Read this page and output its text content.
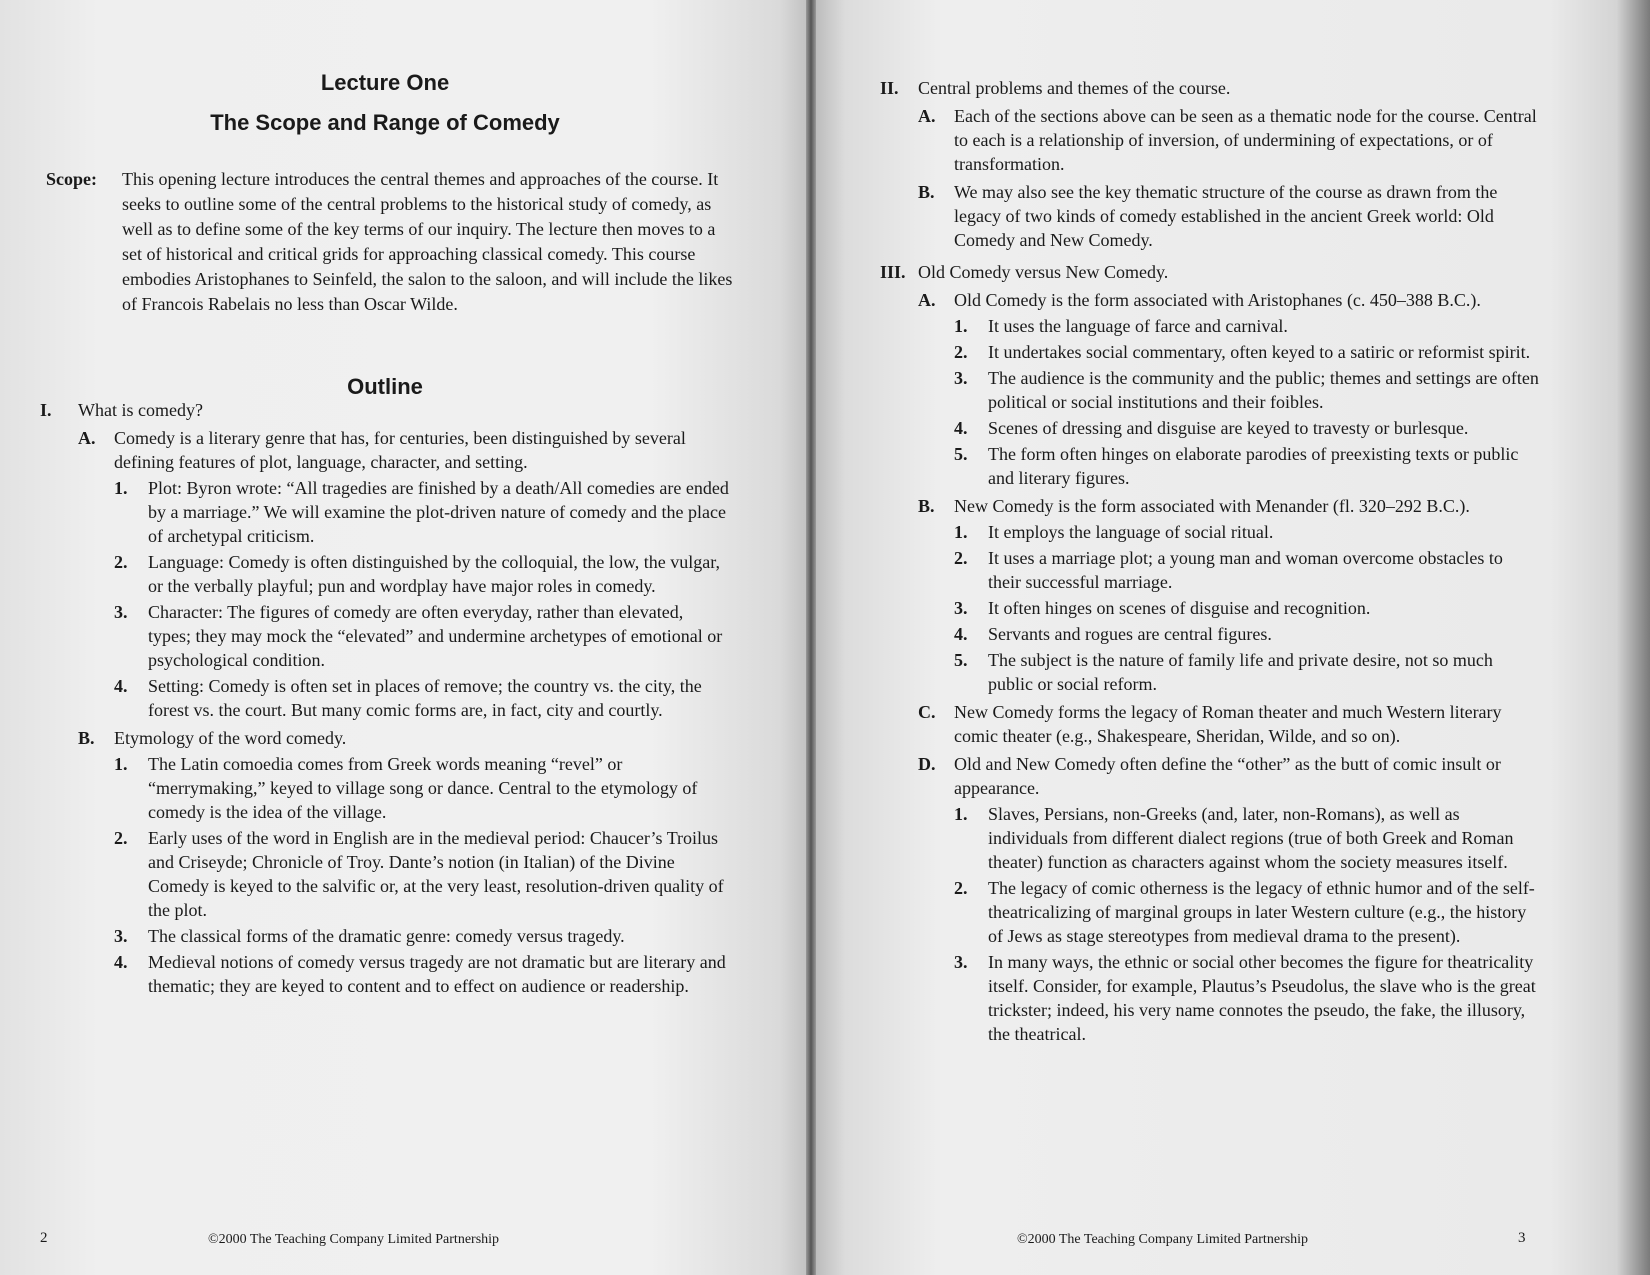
Lecture One
The Scope and Range of Comedy
Scope: This opening lecture introduces the central themes and approaches of the course. It seeks to outline some of the central problems to the historical study of comedy, as well as to define some of the key terms of our inquiry. The lecture then moves to a set of historical and critical grids for approaching classical comedy. This course embodies Aristophanes to Seinfeld, the salon to the saloon, and will include the likes of Francois Rabelais no less than Oscar Wilde.
Outline
I. What is comedy?
A. Comedy is a literary genre that has, for centuries, been distinguished by several defining features of plot, language, character, and setting.
1. Plot: Byron wrote: “All tragedies are finished by a death/All comedies are ended by a marriage.” We will examine the plot-driven nature of comedy and the place of archetypal criticism.
2. Language: Comedy is often distinguished by the colloquial, the low, the vulgar, or the verbally playful; pun and wordplay have major roles in comedy.
3. Character: The figures of comedy are often everyday, rather than elevated, types; they may mock the “elevated” and undermine archetypes of emotional or psychological condition.
4. Setting: Comedy is often set in places of remove; the country vs. the city, the forest vs. the court. But many comic forms are, in fact, city and courtly.
B. Etymology of the word comedy.
1. The Latin comoedia comes from Greek words meaning “revel” or “merrymaking,” keyed to village song or dance. Central to the etymology of comedy is the idea of the village.
2. Early uses of the word in English are in the medieval period: Chaucer’s Troilus and Criseyde; Chronicle of Troy. Dante’s notion (in Italian) of the Divine Comedy is keyed to the salvific or, at the very least, resolution-driven quality of the plot.
3. The classical forms of the dramatic genre: comedy versus tragedy.
4. Medieval notions of comedy versus tragedy are not dramatic but are literary and thematic; they are keyed to content and to effect on audience or readership.
2	©2000 The Teaching Company Limited Partnership
II. Central problems and themes of the course.
A. Each of the sections above can be seen as a thematic node for the course. Central to each is a relationship of inversion, of undermining of expectations, or of transformation.
B. We may also see the key thematic structure of the course as drawn from the legacy of two kinds of comedy established in the ancient Greek world: Old Comedy and New Comedy.
III. Old Comedy versus New Comedy.
A. Old Comedy is the form associated with Aristophanes (c. 450–388 B.C.).
1. It uses the language of farce and carnival.
2. It undertakes social commentary, often keyed to a satiric or reformist spirit.
3. The audience is the community and the public; themes and settings are often political or social institutions and their foibles.
4. Scenes of dressing and disguise are keyed to travesty or burlesque.
5. The form often hinges on elaborate parodies of preexisting texts or public and literary figures.
B. New Comedy is the form associated with Menander (fl. 320–292 B.C.).
1. It employs the language of social ritual.
2. It uses a marriage plot; a young man and woman overcome obstacles to their successful marriage.
3. It often hinges on scenes of disguise and recognition.
4. Servants and rogues are central figures.
5. The subject is the nature of family life and private desire, not so much public or social reform.
C. New Comedy forms the legacy of Roman theater and much Western literary comic theater (e.g., Shakespeare, Sheridan, Wilde, and so on).
D. Old and New Comedy often define the “other” as the butt of comic insult or appearance.
1. Slaves, Persians, non-Greeks (and, later, non-Romans), as well as individuals from different dialect regions (true of both Greek and Roman theater) function as characters against whom the society measures itself.
2. The legacy of comic otherness is the legacy of ethnic humor and of the self-theatricalizing of marginal groups in later Western culture (e.g., the history of Jews as stage stereotypes from medieval drama to the present).
3. In many ways, the ethnic or social other becomes the figure for theatricality itself. Consider, for example, Plautus’s Pseudolus, the slave who is the great trickster; indeed, his very name connotes the pseudo, the fake, the illusory, the theatrical.
©2000 The Teaching Company Limited Partnership	3
